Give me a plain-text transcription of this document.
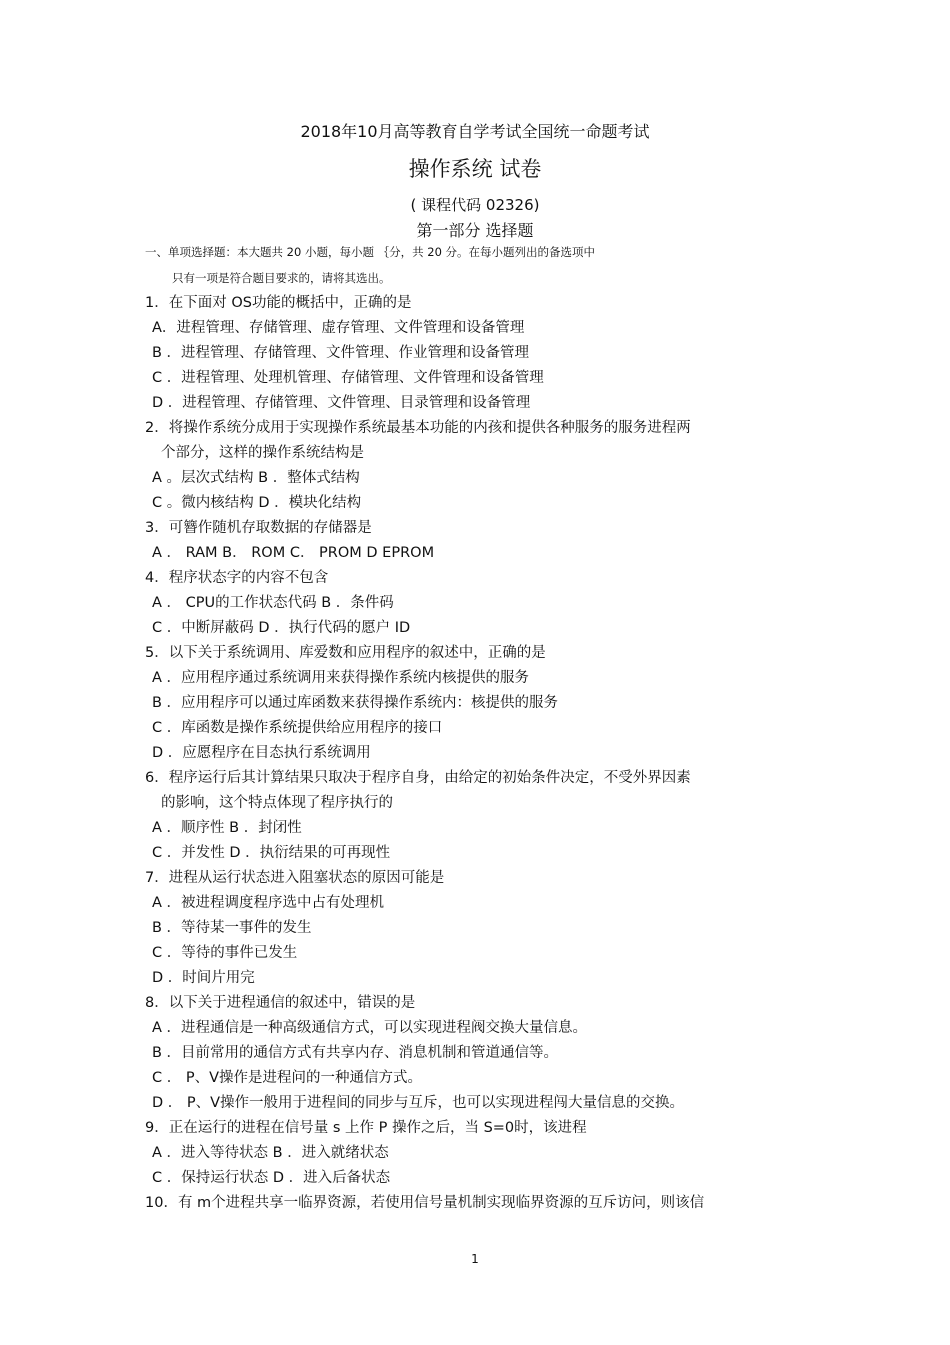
2018年10月高等教育自学考试全国统一命题考试
操作系统 试卷
( 课程代码 02326)
第一部分 选择题
一、单项选择题：本大题共 20 小题，每小题 ｛分，共 20 分。在每小题列出的备选项中
只有一项是符合题目要求的，请将其选出。
1．在下面对 OS功能的概括中，正确的是
A．进程管理、存储管理、虚存管理、文件管理和设备管理
B ．进程管理、存储管理、文件管理、作业管理和设备管理
C ．进程管理、处理机管理、存储管理、文件管理和设备管理
D ．进程管理、存储管理、文件管理、目录管理和设备管理
2．将操作系统分成用于实现操作系统最基本功能的内孩和提供各种服务的服务进程两
个部分，这样的操作系统结构是
A 。层次式结构 B ．整体式结构
C 。微内核结构 D ．模块化结构
3．可簪作随机存取数据的存储器是
A ． RAM B． ROM C． PROM D EPROM
4．程序状态字的内容不包含
A ． CPU的工作状态代码 B ．条件码
C ．中断屏蔽码 D ．执行代码的愿户 ID
5．以下关于系统调用、库爱数和应用程序的叙述中，正确的是
A ．应用程序通过系统调用来获得操作系统内核提供的服务
B ．应用程序可以通过库函数来获得操作系统内：核提供的服务
C ．库函数是操作系统提供给应用程序的接口
D ．应愿程序在目态执行系统调用
6．程序运行后其计算结果只取决于程序自身，由给定的初始条件决定，不受外界因素
的影响，这个特点体现了程序执行的
A ．顺序性 B ．封闭性
C ．并发性 D ．执衍结果的可再现性
7．进程从运行状态进入阻塞状态的原因可能是
A ．被进程调度程序选中占有处理机
B ．等待某一事件的发生
C ．等待的事件已发生
D ．时间片用完
8．以下关于进程通信的叙述中，错误的是
A ．进程通信是一种高级通信方式，可以实现进程阀交换大量信息。
B ．目前常用的通信方式有共享内存、消息机制和管道通信等。
C ． P、V操作是进程问的一种通信方式。
D ． P、V操作一般用于进程间的同步与互斥，也可以实现进程闯大量信息的交换。
9．正在运行的进程在信号量 s 上作 P 操作之后，当 S=0时，该进程
A ．进入等待状态 B ．进入就绪状态
C ．保持运行状态 D ．进入后备状态
10．有 m个进程共享一临界资源，若使用信号量机制实现临界资源的互斥访问，则该信
1
